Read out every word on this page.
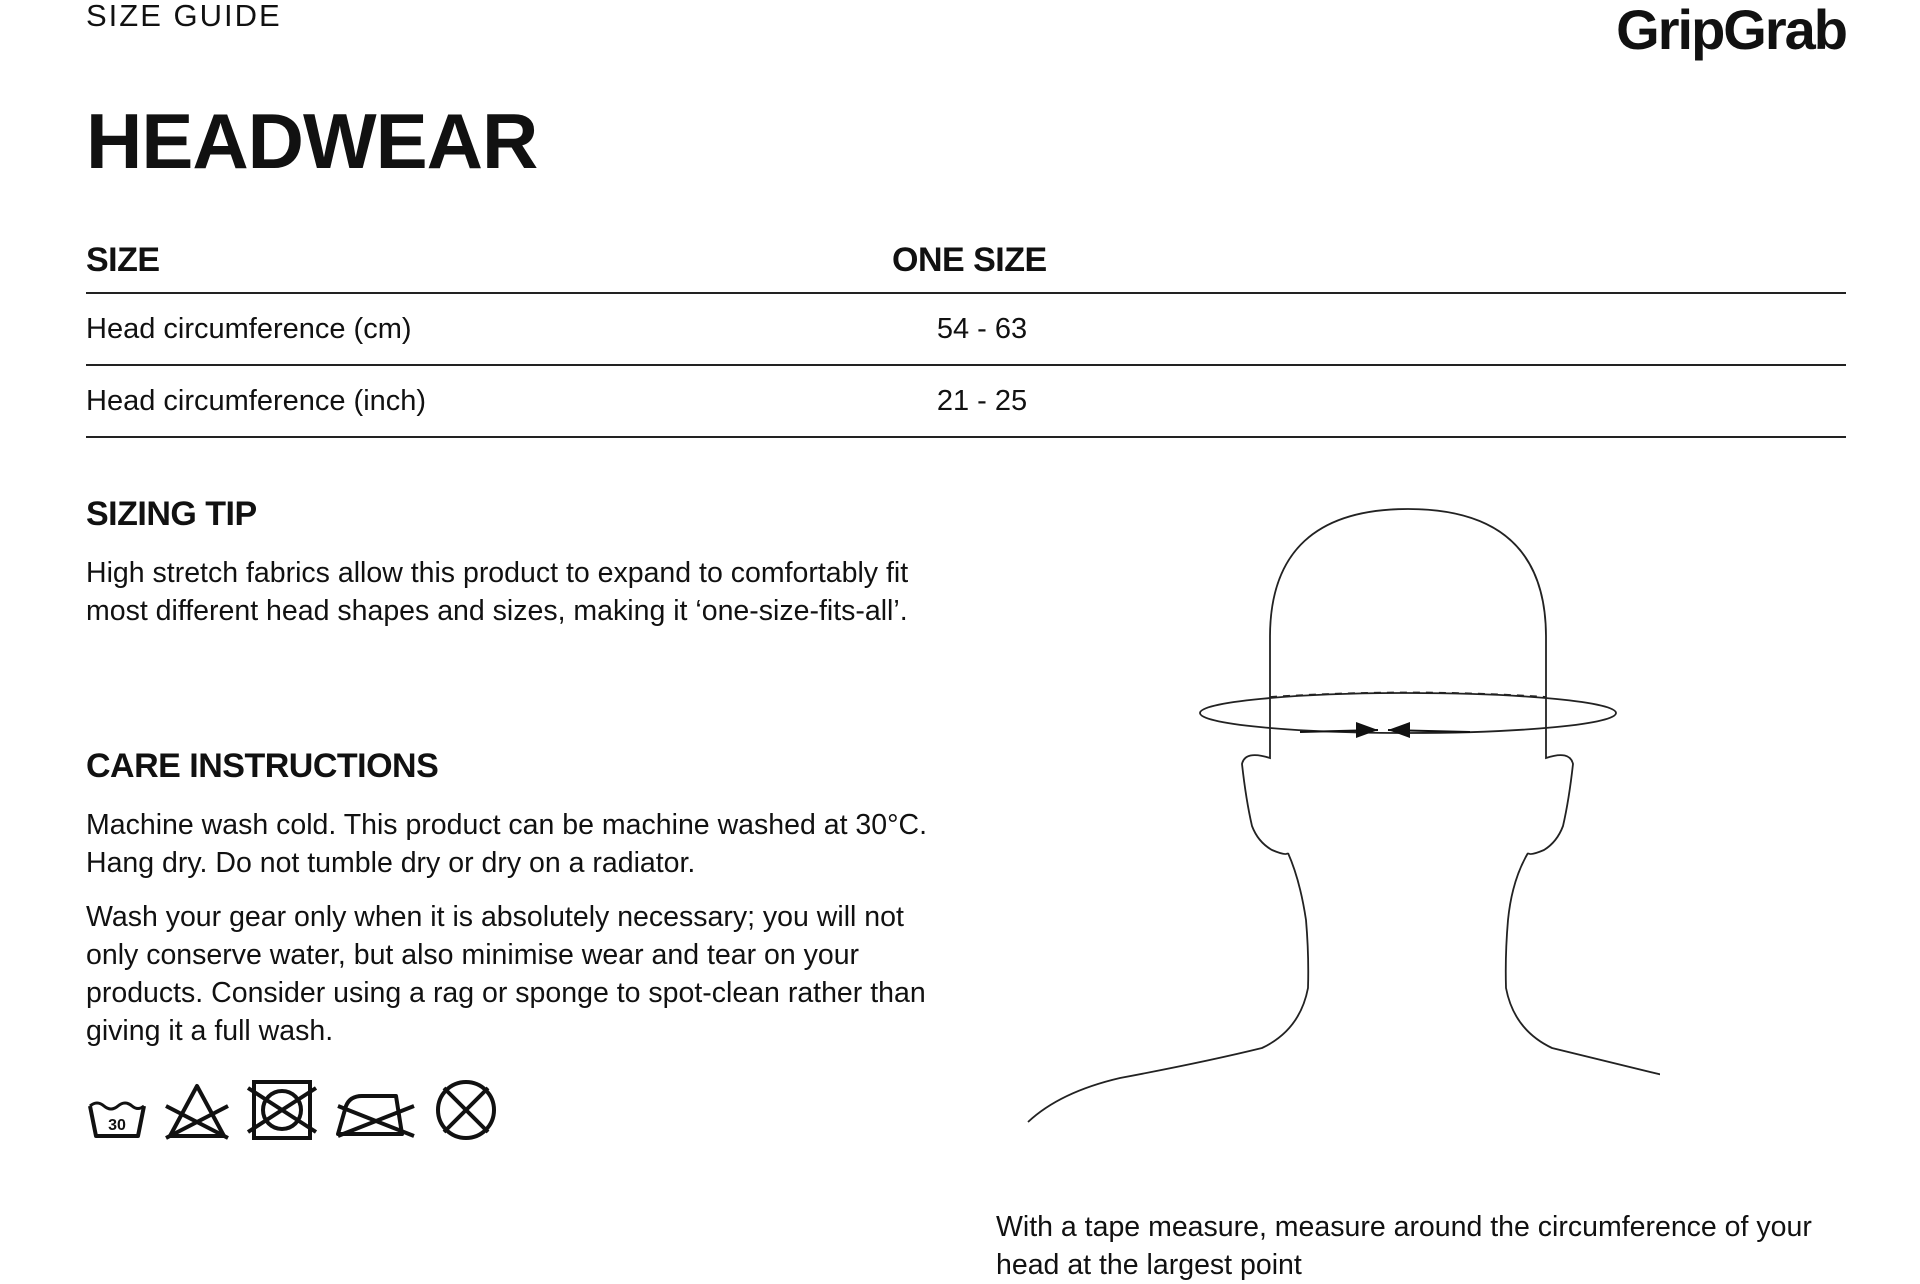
SIZE GUIDE	GripGrab
HEADWEAR
SIZE	ONE SIZE
Head circumference (cm)	54 - 63
Head circumference (inch)	21 - 25
SIZING TIP
High stretch fabrics allow this product to expand to comfortably fit most different head shapes and sizes, making it ‘one-size-fits-all’.
CARE INSTRUCTIONS
Machine wash cold. This product can be machine washed at 30°C. Hang dry. Do not tumble dry or dry on a radiator.
Wash your gear only when it is absolutely necessary; you will not only conserve water, but also minimise wear and tear on your products. Consider using a rag or sponge to spot-clean rather than giving it a full wash.
30
With a tape measure, measure around the circumference of your head at the largest point
